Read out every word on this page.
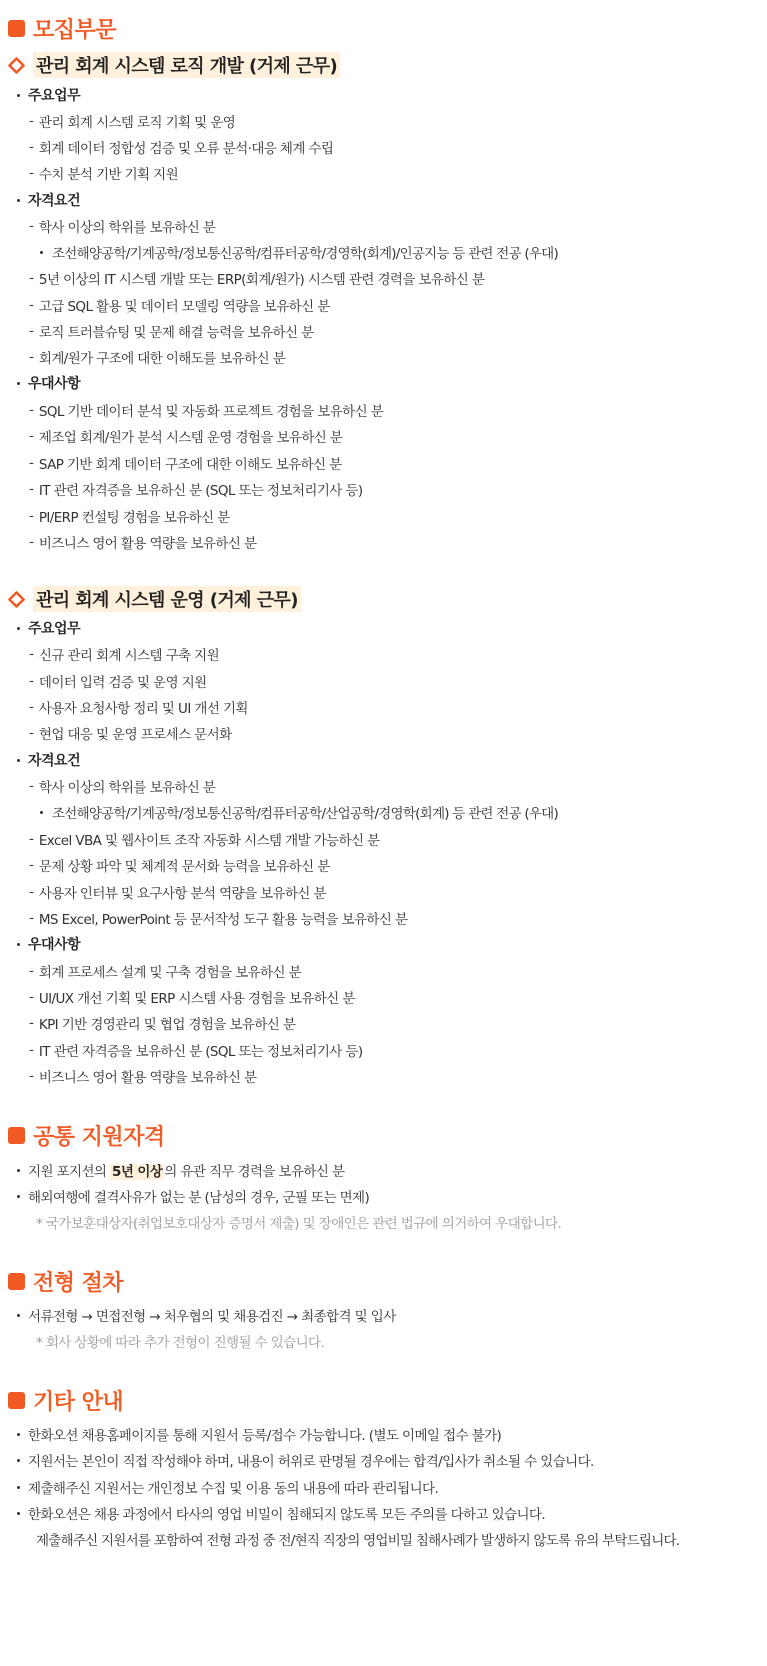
모집부문
관리 회계 시스템 로직 개발 (거제 근무)
주요업무
- 관리 회계 시스템 로직 기획 및 운영
- 회계 데이터 정합성 검증 및 오류 분석·대응 체계 수립
- 수치 분석 기반 기획 지원
자격요건
- 학사 이상의 학위를 보유하신 분
조선해양공학/기계공학/정보통신공학/컴퓨터공학/경영학(회계)/인공지능 등 관련 전공 (우대)
- 5년 이상의 IT 시스템 개발 또는 ERP(회계/원가) 시스템 관련 경력을 보유하신 분
- 고급 SQL 활용 및 데이터 모델링 역량을 보유하신 분
- 로직 트러블슈팅 및 문제 해결 능력을 보유하신 분
- 회계/원가 구조에 대한 이해도를 보유하신 분
우대사항
- SQL 기반 데이터 분석 및 자동화 프로젝트 경험을 보유하신 분
- 제조업 회계/원가 분석 시스템 운영 경험을 보유하신 분
- SAP 기반 회계 데이터 구조에 대한 이해도 보유하신 분
- IT 관련 자격증을 보유하신 분 (SQL 또는 정보처리기사 등)
- PI/ERP 컨설팅 경험을 보유하신 분
- 비즈니스 영어 활용 역량을 보유하신 분
관리 회계 시스템 운영 (거제 근무)
주요업무
- 신규 관리 회계 시스템 구축 지원
- 데이터 입력 검증 및 운영 지원
- 사용자 요청사항 정리 및 UI 개선 기획
- 현업 대응 및 운영 프로세스 문서화
자격요건
- 학사 이상의 학위를 보유하신 분
조선해양공학/기계공학/정보통신공학/컴퓨터공학/산업공학/경영학(회계) 등 관련 전공 (우대)
- Excel VBA 및 웹사이트 조작 자동화 시스템 개발 가능하신 분
- 문제 상황 파악 및 체계적 문서화 능력을 보유하신 분
- 사용자 인터뷰 및 요구사항 분석 역량을 보유하신 분
- MS Excel, PowerPoint 등 문서작성 도구 활용 능력을 보유하신 분
우대사항
- 회계 프로세스 설계 및 구축 경험을 보유하신 분
- UI/UX 개선 기획 및 ERP 시스템 사용 경험을 보유하신 분
- KPI 기반 경영관리 및 협업 경험을 보유하신 분
- IT 관련 자격증을 보유하신 분 (SQL 또는 정보처리기사 등)
- 비즈니스 영어 활용 역량을 보유하신 분
공통 지원자격
지원 포지션의 5년 이상 의 유관 직무 경력을 보유하신 분
해외여행에 결격사유가 없는 분 (남성의 경우, 군필 또는 면제)
* 국가보훈대상자(취업보호대상자 증명서 제출) 및 장애인은 관련 법규에 의거하여 우대합니다.
전형 절차
서류전형 → 면접전형 → 처우협의 및 채용검진 → 최종합격 및 입사
* 회사 상황에 따라 추가 전형이 진행될 수 있습니다.
기타 안내
한화오션 채용홈페이지를 통해 지원서 등록/접수 가능합니다. (별도 이메일 접수 불가)
지원서는 본인이 직접 작성해야 하며, 내용이 허위로 판명될 경우에는 합격/입사가 취소될 수 있습니다.
제출해주신 지원서는 개인정보 수집 및 이용 동의 내용에 따라 관리됩니다.
한화오션은 채용 과정에서 타사의 영업 비밀이 침해되지 않도록 모든 주의를 다하고 있습니다.
제출해주신 지원서를 포함하여 전형 과정 중 전/현직 직장의 영업비밀 침해사례가 발생하지 않도록 유의 부탁드립니다.
